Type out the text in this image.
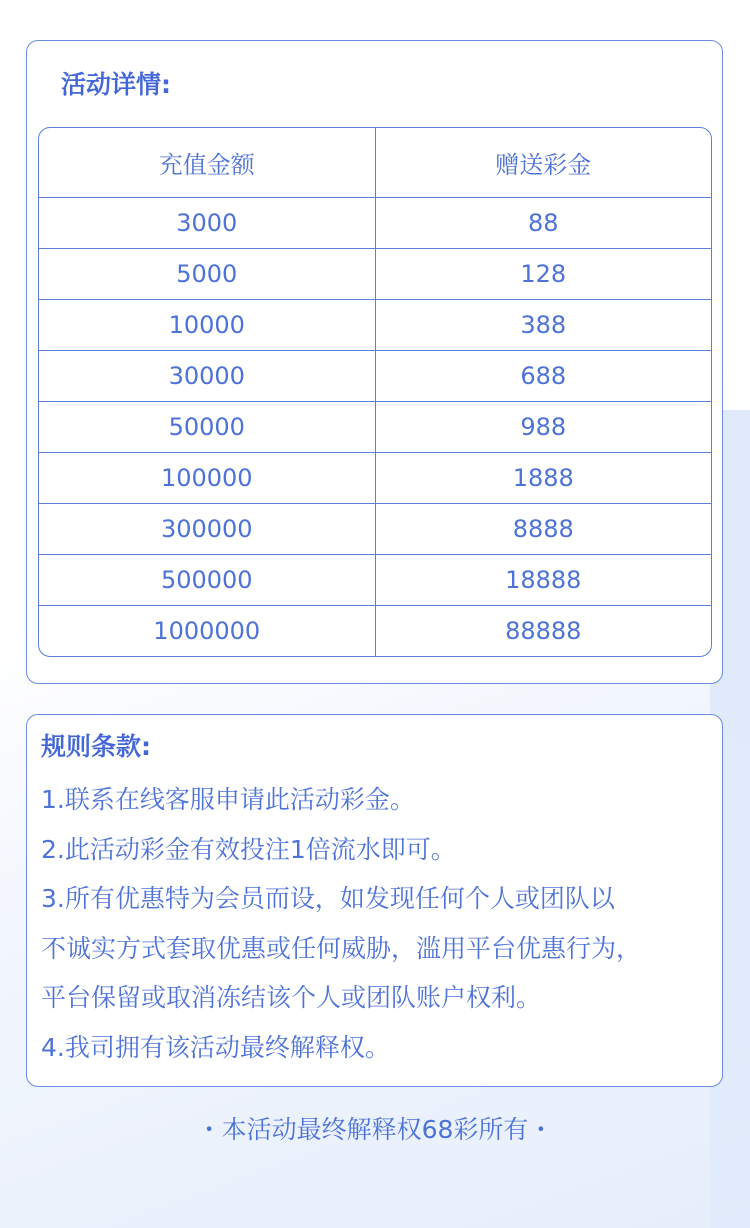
活动详情:
充值金额	赠送彩金
3000	88
5000	128
10000	388
30000	688
50000	988
100000	1888
300000	8888
500000	18888
1000000	88888
规则条款:
1.联系在线客服申请此活动彩金。
2.此活动彩金有效投注1倍流水即可。
3.所有优惠特为会员而设，如发现任何个人或团队以
不诚实方式套取优惠或任何威胁，滥用平台优惠行为，
平台保留或取消冻结该个人或团队账户权利。
4.我司拥有该活动最终解释权。

・本活动最终解释权68彩所有・
